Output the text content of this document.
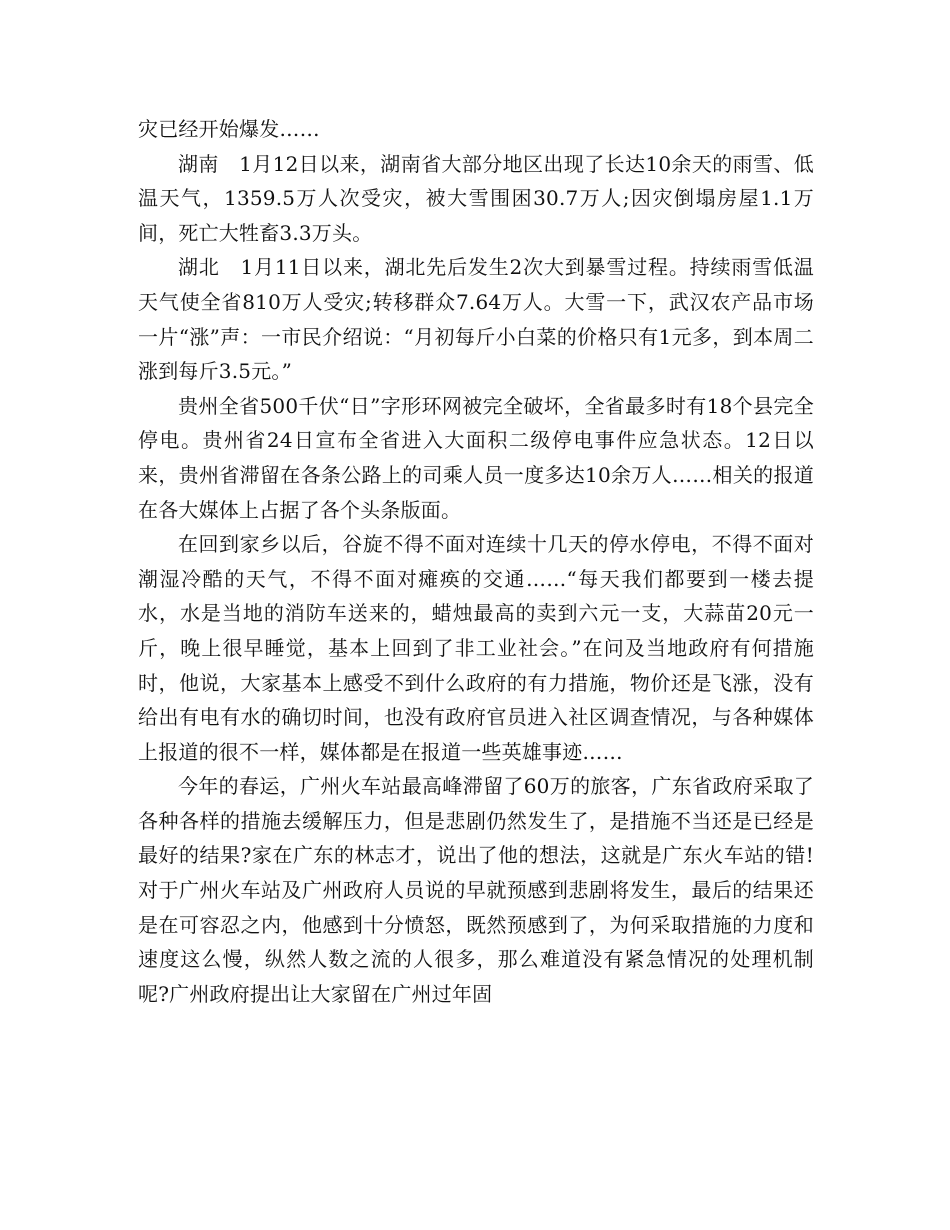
灾已经开始爆发……

湖南　1月12日以来，湖南省大部分地区出现了长达10余天的雨雪、低温天气，1359.5万人次受灾，被大雪围困30.7万人;因灾倒塌房屋1.1万间，死亡大牲畜3.3万头。

湖北　1月11日以来，湖北先后发生2次大到暴雪过程。持续雨雪低温天气使全省810万人受灾;转移群众7.64万人。大雪一下，武汉农产品市场一片“涨”声：一市民介绍说：“月初每斤小白菜的价格只有1元多，到本周二涨到每斤3.5元。”

贵州全省500千伏“日”字形环网被完全破坏，全省最多时有18个县完全停电。贵州省24日宣布全省进入大面积二级停电事件应急状态。12日以来，贵州省滞留在各条公路上的司乘人员一度多达10余万人……相关的报道在各大媒体上占据了各个头条版面。

在回到家乡以后，谷旋不得不面对连续十几天的停水停电，不得不面对潮湿冷酷的天气，不得不面对瘫痪的交通……“每天我们都要到一楼去提水，水是当地的消防车送来的，蜡烛最高的卖到六元一支，大蒜苗20元一斤，晚上很早睡觉，基本上回到了非工业社会。”在问及当地政府有何措施时，他说，大家基本上感受不到什么政府的有力措施，物价还是飞涨，没有给出有电有水的确切时间，也没有政府官员进入社区调查情况，与各种媒体上报道的很不一样，媒体都是在报道一些英雄事迹……

今年的春运，广州火车站最高峰滞留了60万的旅客，广东省政府采取了各种各样的措施去缓解压力，但是悲剧仍然发生了，是措施不当还是已经是最好的结果?家在广东的林志才，说出了他的想法，这就是广东火车站的错!对于广州火车站及广州政府人员说的早就预感到悲剧将发生，最后的结果还是在可容忍之内，他感到十分愤怒，既然预感到了，为何采取措施的力度和速度这么慢，纵然人数之流的人很多，那么难道没有紧急情况的处理机制呢?广州政府提出让大家留在广州过年固
